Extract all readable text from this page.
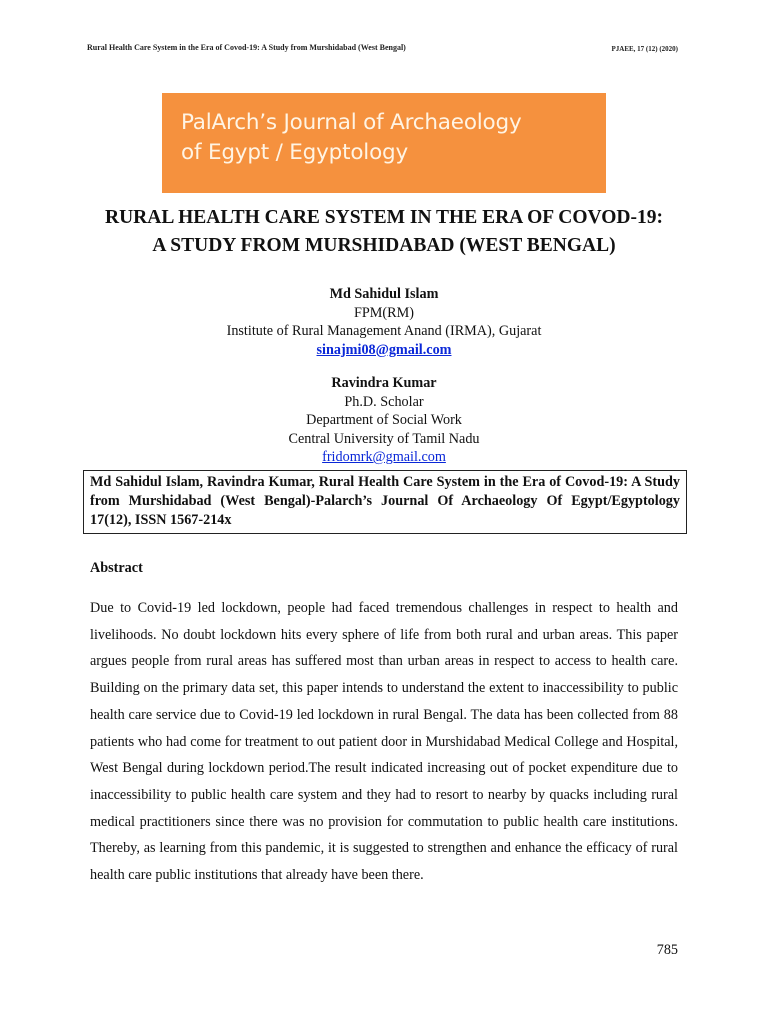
Rural Health Care System in the Era of Covod-19: A Study from Murshidabad (West Bengal)	PJAEE, 17 (12) (2020)
PalArch’s Journal of Archaeology
of Egypt / Egyptology
RURAL HEALTH CARE SYSTEM IN THE ERA OF COVOD-19:
A STUDY FROM MURSHIDABAD (WEST BENGAL)
Md Sahidul Islam
FPM(RM)
Institute of Rural Management Anand (IRMA), Gujarat
sinajmi08@gmail.com
Ravindra Kumar
Ph.D. Scholar
Department of Social Work
Central University of Tamil Nadu
fridomrk@gmail.com
Md Sahidul Islam, Ravindra Kumar, Rural Health Care System in the Era of Covod-19: A Study from Murshidabad (West Bengal)-Palarch’s Journal Of Archaeology Of Egypt/Egyptology 17(12), ISSN 1567-214x
Abstract
Due to Covid-19 led lockdown, people had faced tremendous challenges in respect to health and livelihoods. No doubt lockdown hits every sphere of life from both rural and urban areas. This paper argues people from rural areas has suffered most than urban areas in respect to access to health care. Building on the primary data set, this paper intends to understand the extent to inaccessibility to public health care service due to Covid-19 led lockdown in rural Bengal. The data has been collected from 88 patients who had come for treatment to out patient door in Murshidabad Medical College and Hospital, West Bengal during lockdown period.The result indicated increasing out of pocket expenditure due to inaccessibility to public health care system and they had to resort to nearby by quacks including rural medical practitioners since there was no provision for commutation to public health care institutions. Thereby, as learning from this pandemic, it is suggested to strengthen and enhance the efficacy of rural health care public institutions that already have been there.
785
